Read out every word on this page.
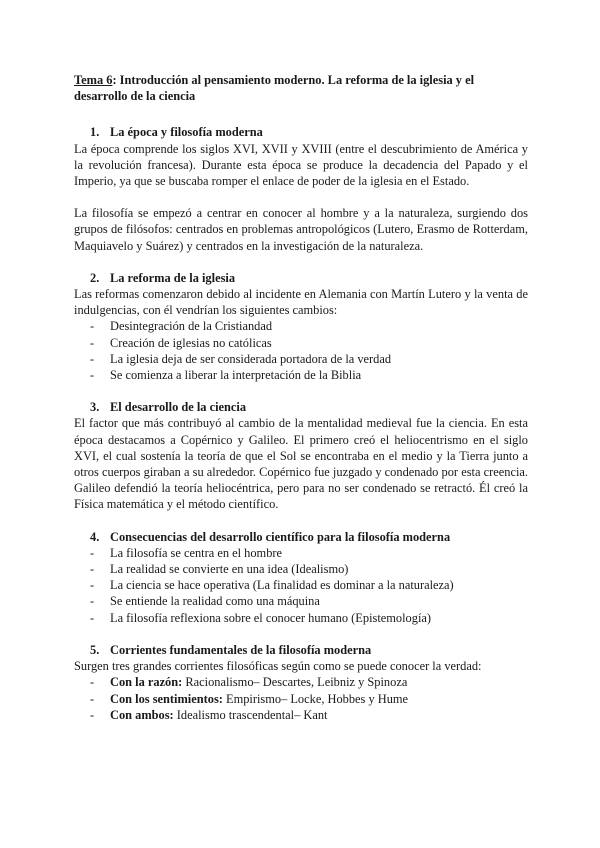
Tema 6: Introducción al pensamiento moderno. La reforma de la iglesia y el desarrollo de la ciencia
1. La época y filosofía moderna

La época comprende los siglos XVI, XVII y XVIII (entre el descubrimiento de América y la revolución francesa). Durante esta época se produce la decadencia del Papado y el Imperio, ya que se buscaba romper el enlace de poder de la iglesia en el Estado.

La filosofía se empezó a centrar en conocer al hombre y a la naturaleza, surgiendo dos grupos de filósofos: centrados en problemas antropológicos (Lutero, Erasmo de Rotterdam, Maquiavelo y Suárez) y centrados en la investigación de la naturaleza.

2. La reforma de la iglesia

Las reformas comenzaron debido al incidente en Alemania con Martín Lutero y la venta de indulgencias, con él vendrían los siguientes cambios:

- Desintegración de la Cristiandad
- Creación de iglesias no católicas
- La iglesia deja de ser considerada portadora de la verdad
- Se comienza a liberar la interpretación de la Biblia
3. El desarrollo de la ciencia

El factor que más contribuyó al cambio de la mentalidad medieval fue la ciencia. En esta época destacamos a Copérnico y Galileo. El primero creó el heliocentrismo en el siglo XVI, el cual sostenía la teoría de que el Sol se encontraba en el medio y la Tierra junto a otros cuerpos giraban a su alrededor. Copérnico fue juzgado y condenado por esta creencia. Galileo defendió la teoría heliocéntrica, pero para no ser condenado se retractó. Él creó la Física matemática y el método científico.

4. Consecuencias del desarrollo científico para la filosofía moderna
- La filosofía se centra en el hombre
- La realidad se convierte en una idea (Idealismo)
- La ciencia se hace operativa (La finalidad es dominar a la naturaleza)
- Se entiende la realidad como una máquina
- La filosofía reflexiona sobre el conocer humano (Epistemología)
5. Corrientes fundamentales de la filosofía moderna

Surgen tres grandes corrientes filosóficas según como se puede conocer la verdad:

- Con la razón: Racionalismo– Descartes, Leibniz y Spinoza
- Con los sentimientos: Empirismo– Locke, Hobbes y Hume
- Con ambos: Idealismo trascendental– Kant
